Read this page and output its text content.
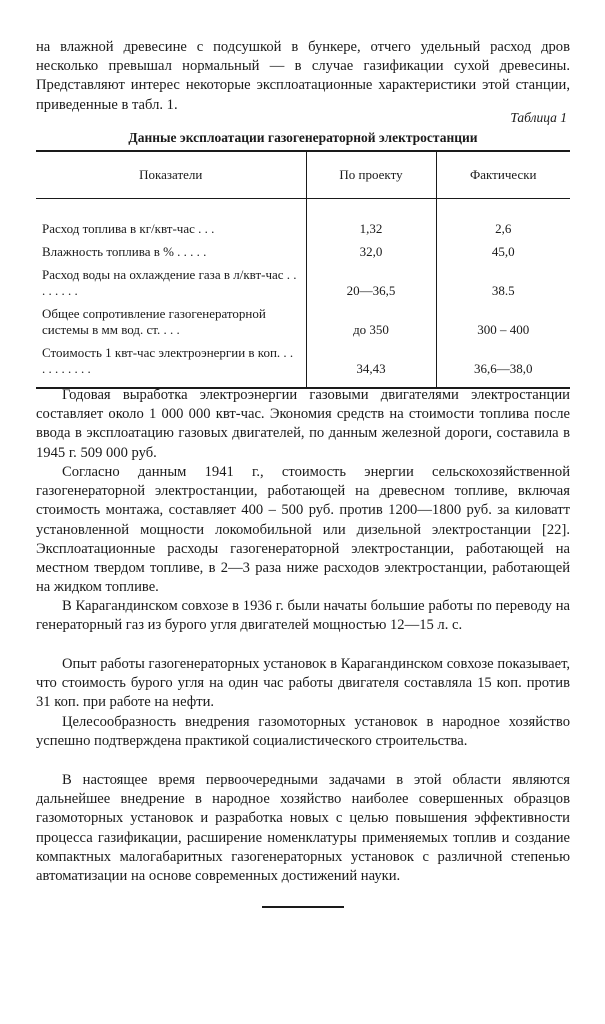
на влажной древесине с подсушкой в бункере, отчего удельный расход дров несколько превышал нормальный — в случае газификации сухой древесины. Представляют интерес некоторые эксплоатационные характеристики этой станции, приведенные в табл. 1.

Таблица 1
Данные эксплоатации газогенераторной электростанции
Показатели	По проекту	Фактически
Расход топлива в кг/квт-час . . .	1,32	2,6
Влажность топлива в % . . . . .	32,0	45,0
Расход воды на охлаждение газа в л/квт-час . . . . . . . .	20—36,5	38.5
Общее сопротивление газогенераторной системы в мм вод. ст. . . .	до 350	300 – 400
Стоимость 1 квт-час электроэнергии в коп. . . . . . . . . . .	34,43	36,6—38,0

Годовая выработка электроэнергии газовыми двигателями электростанции составляет около 1 000 000 квт-час. Экономия средств на стоимости топлива после ввода в эксплоатацию газовых двигателей, по данным железной дороги, составила в 1945 г. 509 000 руб.

Согласно данным 1941 г., стоимость энергии сельскохозяйственной газогенераторной электростанции, работающей на древесном топливе, включая стоимость монтажа, составляет 400 – 500 руб. против 1200—1800 руб. за киловатт установленной мощности локомобильной или дизельной электростанции [22]. Эксплоатационные расходы газогенераторной электростанции, работающей на местном твердом топливе, в 2—3 раза ниже расходов электростанции, работающей на жидком топливе.

В Карагандинском совхозе в 1936 г. были начаты большие работы по переводу на генераторный газ из бурого угля двигателей мощностью 12—15 л. с.

Опыт работы газогенераторных установок в Карагандинском совхозе показывает, что стоимость бурого угля на один час работы двигателя составляла 15 коп. против 31 коп. при работе на нефти.

Целесообразность внедрения газомоторных установок в народное хозяйство успешно подтверждена практикой социалистического строительства.

В настоящее время первоочередными задачами в этой области являются дальнейшее внедрение в народное хозяйство наиболее совершенных образцов газомоторных установок и разработка новых с целью повышения эффективности процесса газификации, расширение номенклатуры применяемых топлив и создание компактных малогабаритных газогенераторных установок с различной степенью автоматизации на основе современных достижений науки.
